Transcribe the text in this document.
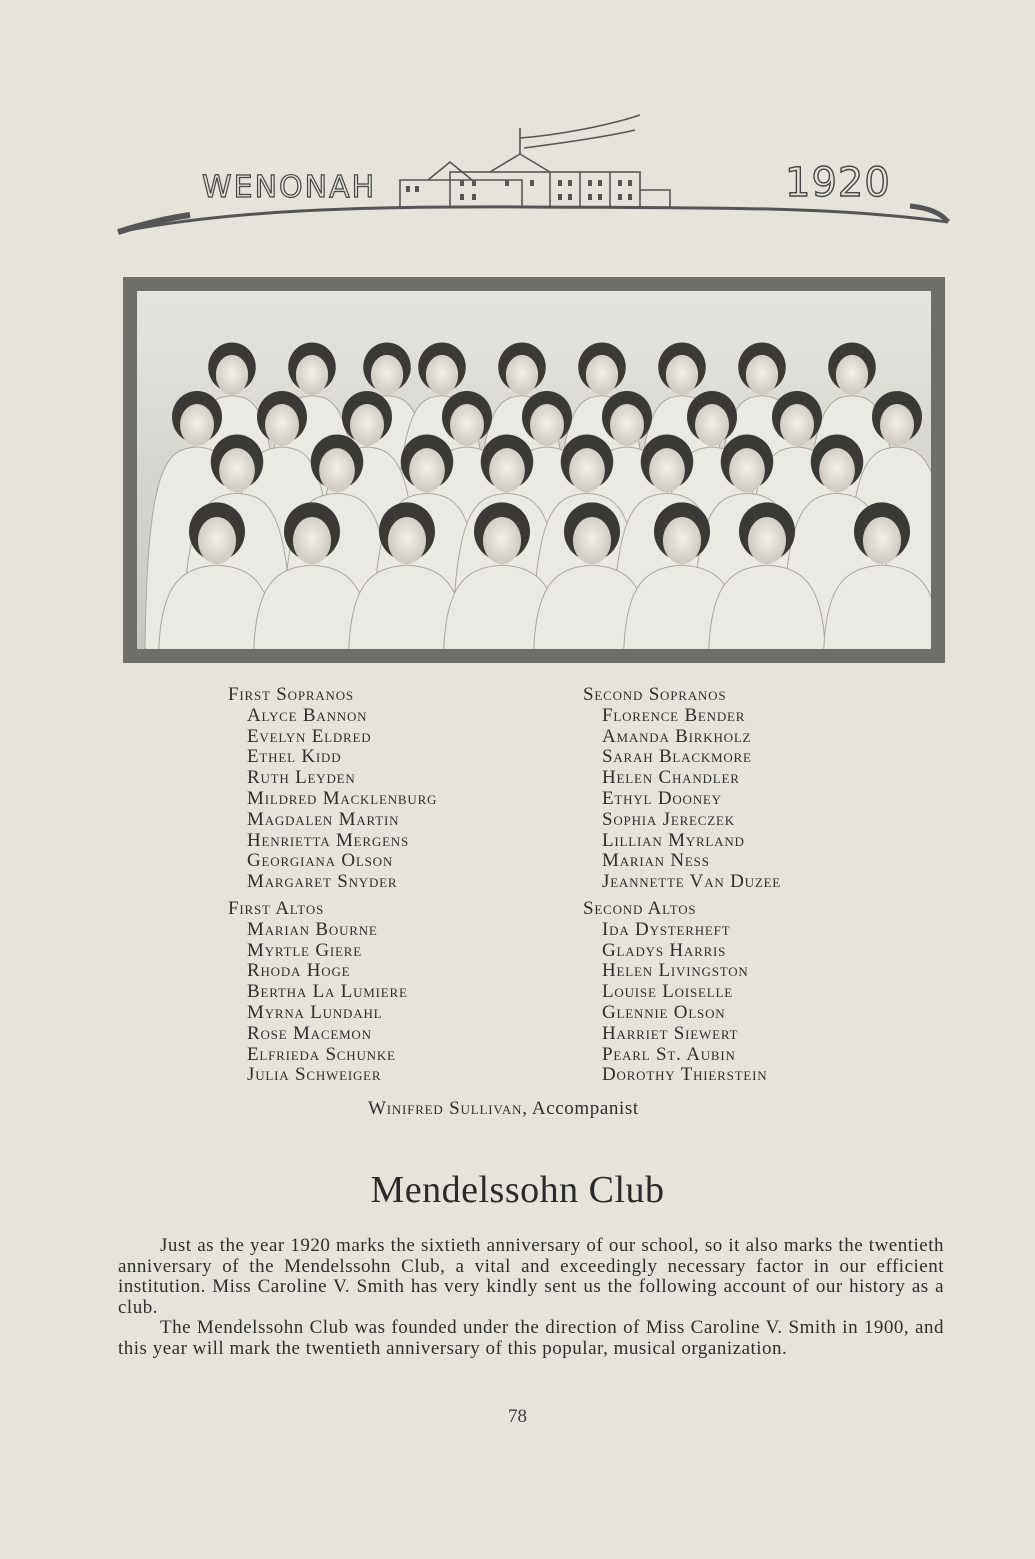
WENONAH	1920

First Sopranos

Alyce Bannon

Evelyn Eldred

Ethel Kidd

Ruth Leyden

Mildred Macklenburg

Magdalen Martin

Henrietta Mergens

Georgiana Olson

Margaret Snyder

First Altos

Marian Bourne

Myrtle Giere

Rhoda Hoge

Bertha La Lumiere

Myrna Lundahl

Rose Macemon

Elfrieda Schunke

Julia Schweiger

Second Sopranos

Florence Bender

Amanda Birkholz

Sarah Blackmore

Helen Chandler

Ethyl Dooney

Sophia Jereczek

Lillian Myrland

Marian Ness

Jeannette Van Duzee

Second Altos

Ida Dysterheft

Gladys Harris

Helen Livingston

Louise Loiselle

Glennie Olson

Harriet Siewert

Pearl St. Aubin

Dorothy Thierstein

Winifred Sullivan, Accompanist
Mendelssohn Club

Just as the year 1920 marks the sixtieth anniversary of our school, so it also marks the twentieth anniversary of the Mendelssohn Club, a vital and exceedingly necessary factor in our efficient institution. Miss Caroline V. Smith has very kindly sent us the following account of our history as a club.

The Mendelssohn Club was founded under the direction of Miss Caroline V. Smith in 1900, and this year will mark the twentieth anniversary of this popular, musical organization.

78
